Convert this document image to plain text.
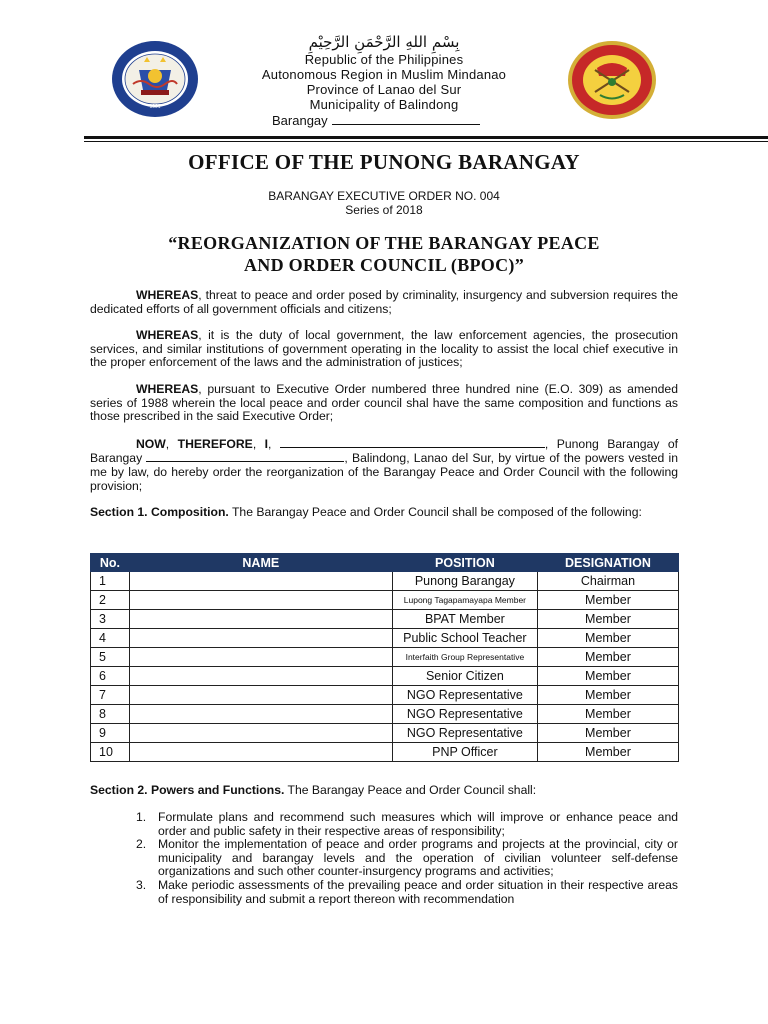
1991
بِسْمِ اللهِ الرَّحْمَنِ الرَّحِيْمِ
Republic of the Philippines
Autonomous Region in Muslim Mindanao
Province of Lanao del Sur
Municipality of Balindong
Barangay
OFFICE OF THE PUNONG BARANGAY
BARANGAY EXECUTIVE ORDER NO. 004
Series of 2018
“REORGANIZATION OF THE BARANGAY PEACE
AND ORDER COUNCIL (BPOC)”

WHEREAS, threat to peace and order posed by criminality, insurgency and subversion requires the dedicated efforts of all government officials and citizens;

WHEREAS, it is the duty of local government, the law enforcement agencies, the prosecution services, and similar institutions of government operating in the locality to assist the local chief executive in the proper enforcement of the laws and the administration of justices;

WHEREAS, pursuant to Executive Order numbered three hundred nine (E.O. 309) as amended series of 1988 wherein the local peace and order council shal have the same composition and functions as those prescribed in the said Executive Order;

NOW, THEREFORE, I,	, Punong Barangay of Barangay	, Balindong, Lanao del Sur, by virtue of the powers vested in me by law, do hereby order the reorganization of the Barangay Peace and Order Council with the following provision;

Section 1. Composition. The Barangay Peace and Order Council shall be composed of the following:

No.	NAME	POSITION	DESIGNATION
1		Punong Barangay	Chairman
2		Lupong Tagapamayapa Member	Member
3		BPAT Member	Member
4		Public School Teacher	Member
5		Interfaith Group Representative	Member
6		Senior Citizen	Member
7		NGO Representative	Member
8		NGO Representative	Member
9		NGO Representative	Member
10		PNP Officer	Member
Section 2. Powers and Functions. The Barangay Peace and Order Council shall:
1. Formulate plans and recommend such measures which will improve or enhance peace and order and public safety in their respective areas of responsibility;
2. Monitor the implementation of peace and order programs and projects at the provincial, city or municipality and barangay levels and the operation of civilian volunteer self-defense organizations and such other counter-insurgency programs and activities;
3. Make periodic assessments of the prevailing peace and order situation in their respective areas of responsibility and submit a report thereon with recommendation
